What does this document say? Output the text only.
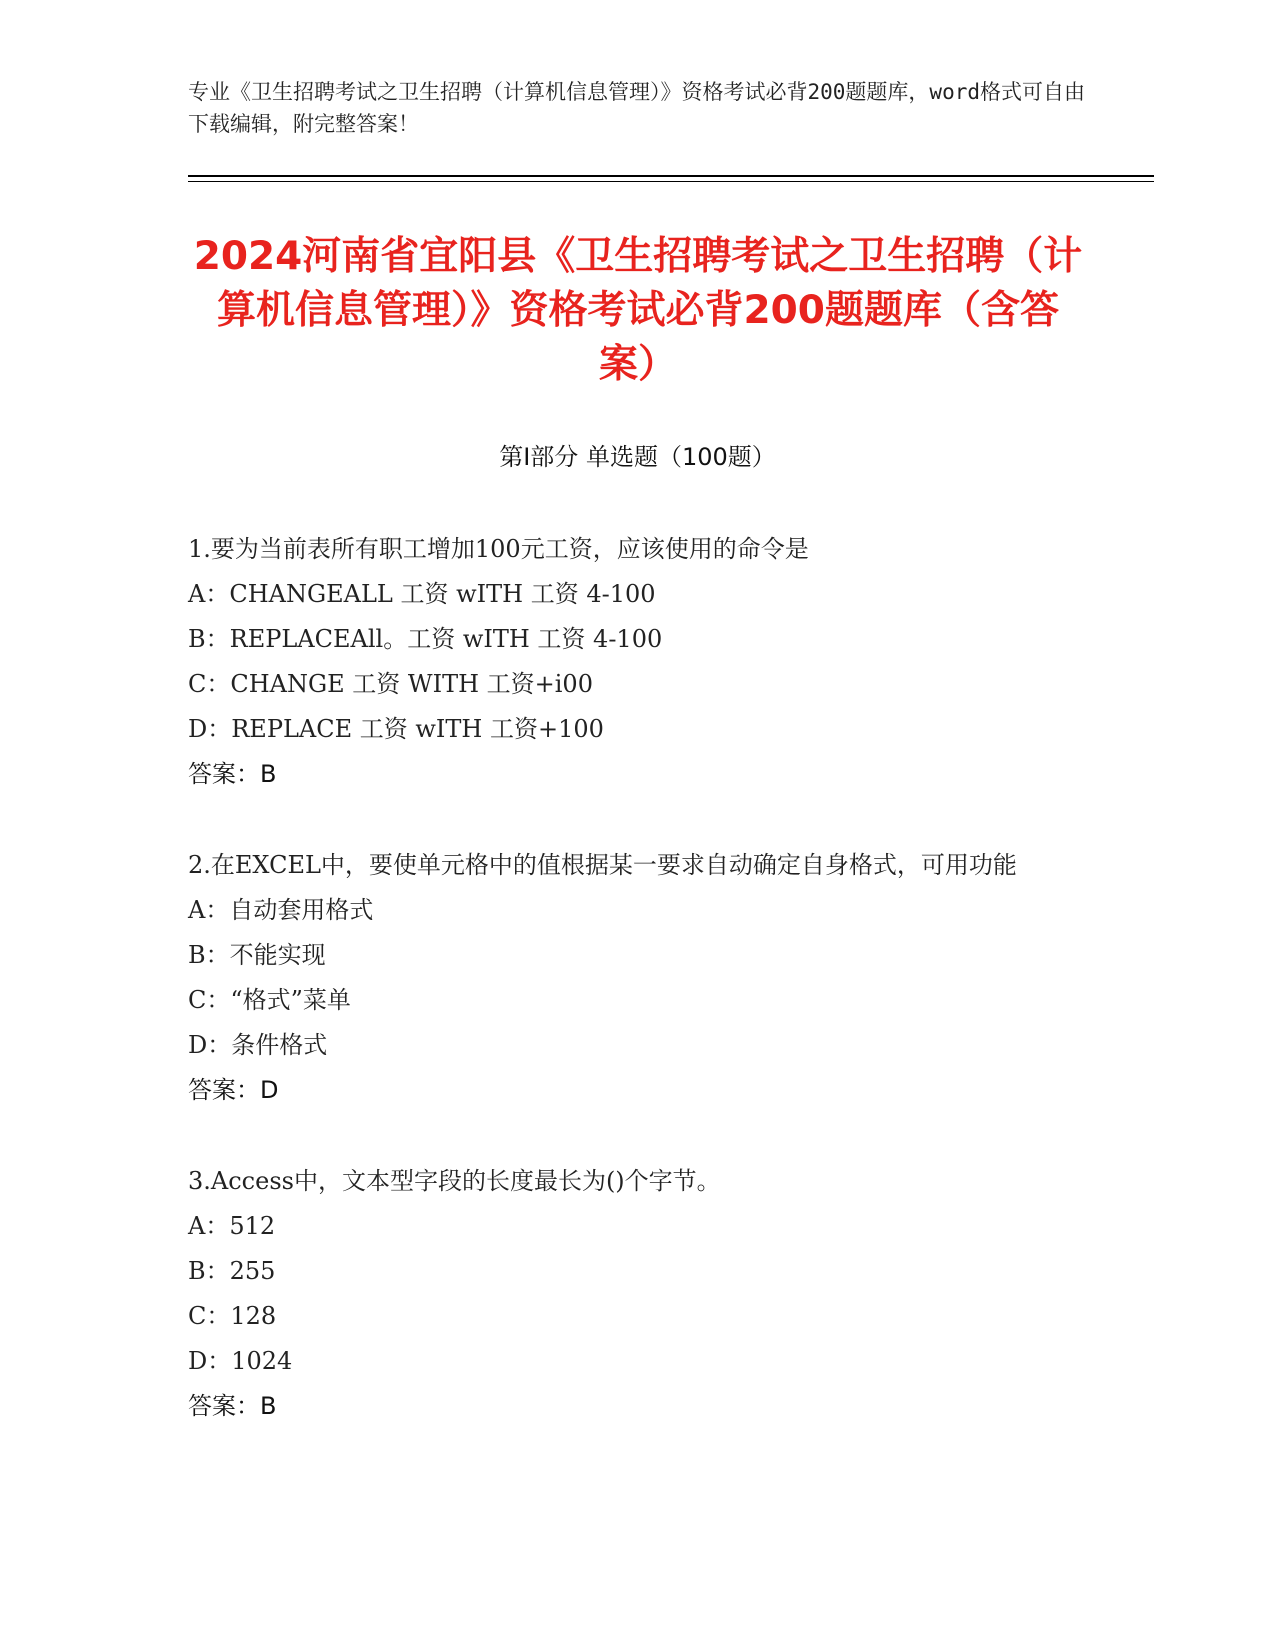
专业《卫生招聘考试之卫生招聘（计算机信息管理）》资格考试必背200题题库，word格式可自由下载编辑，附完整答案！
2024河南省宜阳县《卫生招聘考试之卫生招聘（计算机信息管理）》资格考试必背200题题库（含答案）
第Ⅰ部分 单选题（100题）
1.要为当前表所有职工增加100元工资，应该使用的命令是
A：CHANGEALL 工资 wITH 工资 4-100
B：REPLACEAll。工资 wITH 工资 4-100
C：CHANGE 工资 WITH 工资+i00
D：REPLACE 工资 wITH 工资+100
答案：B
2.在EXCEL中，要使单元格中的值根据某一要求自动确定自身格式，可用功能
A：自动套用格式
B：不能实现
C：“格式”菜单
D：条件格式
答案：D
3.Access中，文本型字段的长度最长为()个字节。
A：512
B：255
C：128
D：1024
答案：B
